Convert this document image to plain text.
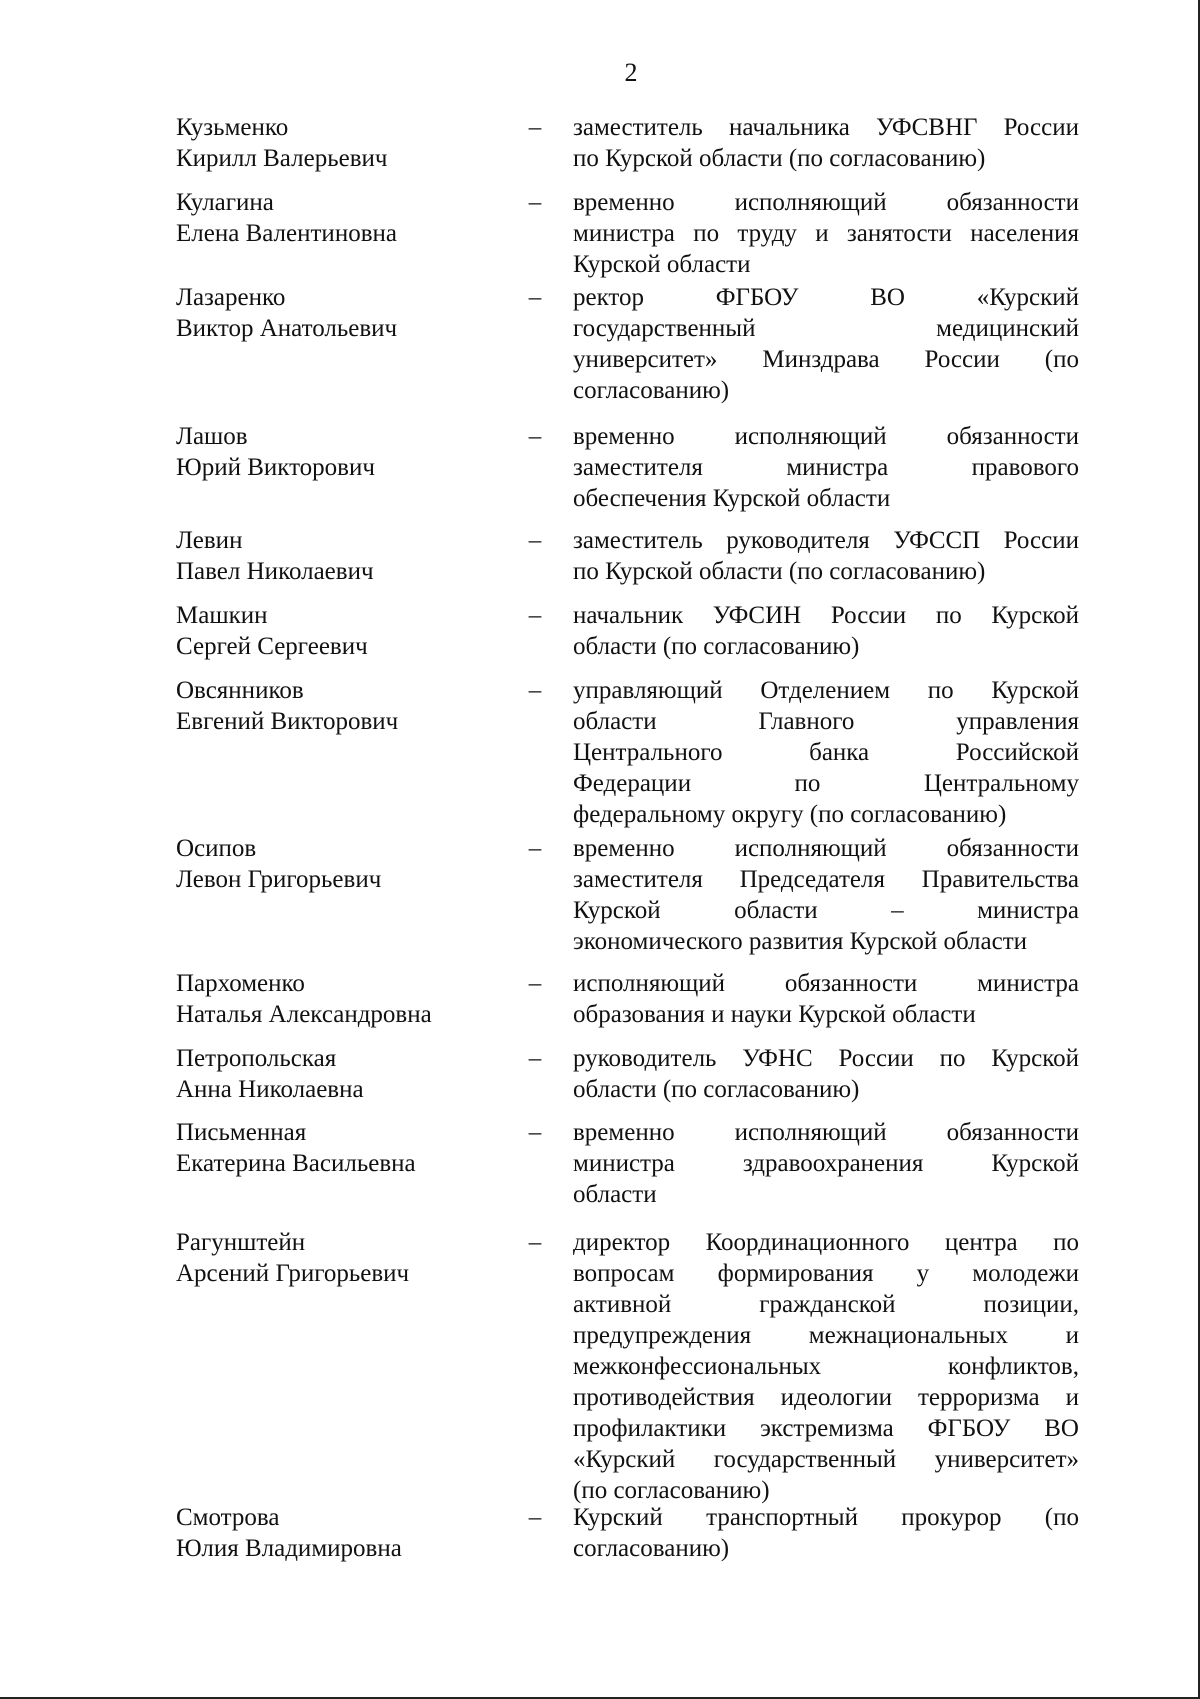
2
Кузьменко
Кирилл Валерьевич
– заместитель начальника УФСВНГ России
по Курской области (по согласованию)
Кулагина
Елена Валентиновна
– временно исполняющий обязанности
министра по труду и занятости населения
Курской области
Лазаренко
Виктор Анатольевич
– ректор ФГБОУ ВО «Курский
государственный медицинский
университет» Минздрава России (по
согласованию)
Лашов
Юрий Викторович
– временно исполняющий обязанности
заместителя министра правового
обеспечения Курской области
Левин
Павел Николаевич
– заместитель руководителя УФССП России
по Курской области (по согласованию)
Машкин
Сергей Сергеевич
– начальник УФСИН России по Курской
области (по согласованию)
Овсянников
Евгений Викторович
– управляющий Отделением по Курской
области Главного управления
Центрального банка Российской
Федерации по Центральному
федеральному округу (по согласованию)
Осипов
Левон Григорьевич
– временно исполняющий обязанности
заместителя Председателя Правительства
Курской области – министра
экономического развития Курской области
Пархоменко
Наталья Александровна
– исполняющий обязанности министра
образования и науки Курской области
Петропольская
Анна Николаевна
– руководитель УФНС России по Курской
области (по согласованию)
Письменная
Екатерина Васильевна
– временно исполняющий обязанности
министра здравоохранения Курской
области
Рагунштейн
Арсений Григорьевич
– директор Координационного центра по
вопросам формирования у молодежи
активной гражданской позиции,
предупреждения межнациональных и
межконфессиональных конфликтов,
противодействия идеологии терроризма и
профилактики экстремизма ФГБОУ ВО
«Курский государственный университет»
(по согласованию)
Смотрова
Юлия Владимировна
– Курский транспортный прокурор (по
согласованию)
